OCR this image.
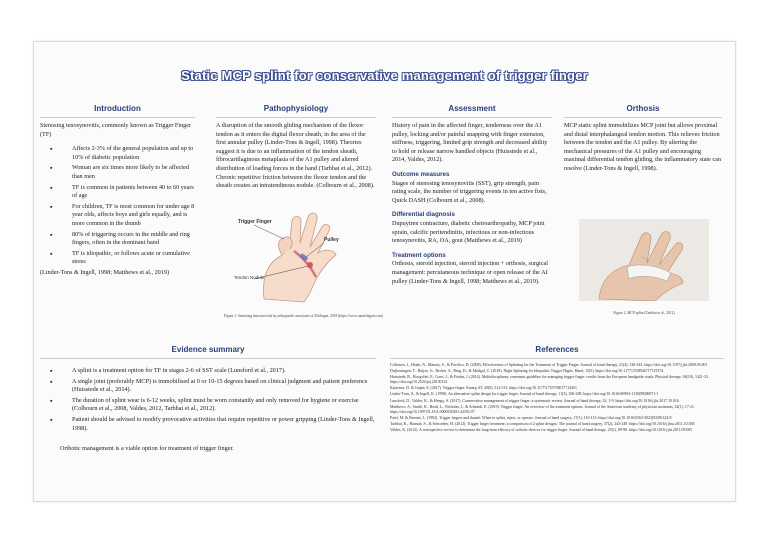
Static MCP splint for conservative management of trigger finger
Introduction

Stenosing tenosynovitis, commonly known as Trigger Finger (TF)

▪ Affects 2-3% of the general population and up to 10% of diabetic population
▪ Woman are six times more likely to be affected than men
▪ TF is common in patients between 40 to 60 years of age
▪ For children, TF is most common for under age 8 year olds, affects boys and girls equally, and is more common in the thumb
▪ 80% of triggering occurs in the middle and ring fingers, often in the dominant hand
▪ TF is idiopathic, or follows acute or cumulative stress

(Linder-Tons & Ingell, 1998; Matthews et al., 2019)

Pathophysiology

A disruption of the smooth gliding mechanism of the flexor tendon as it enters the digital flexor sheath, in the area of the first annular pulley (Linder-Tons & Ingell, 1998). Theories suggest it is due to an inflammation of the tendon sheath, fibrocartilaginous metaplasia of the A1 pulley and altered distribution of loading forces in the hand (Tarbhai et al., 2012). Chronic repetitive friction between the flexor tendon and the sheath creates an intratendinous nodule. (Colbourn et al., 2008).

Trigger Finger
Pulley
Tendon Nodule
Figure 1. Stenosing tenosynovitis by orthopaedic associates of Michigan, 2018 (https://www.oamichigan.com)
Assessment

History of pain in the affected finger, tenderness over the A1 pulley, locking and/or painful snapping with finger extension, stiffness, triggering, limited grip strength and decreased ability to hold or release narrow handled objects (Huisstede et al., 2014, Valdes, 2012).

Outcome measures

Stages of stenosing tenosynovitis (SST), grip strength, pain rating scale, the number of triggering events in ten active fists, Quick DASH (Colbourn et al., 2008).

Differential diagnosis

Dupuytren contracture, diabetic cheiroarthropathy, MCP joint sprain, calcific peritendinitis, infectious or non-infectious tenosynovitis, RA, OA, gout (Matthews et al., 2019)

Treatment options

Orthosis, steroid injection, steroid injection + orthosis, surgical management: percutaneous technique or open release of the AI pulley (Linder-Tons & Ingell, 1998; Matthews et al., 2019).

Orthosis

MCP static splint immobilizes MCP joint but allows proximal and distal interphalangeal tendon motion. This relieves friction between the tendon and the A1 pulley. By altering the mechanical pressures of the A1 pulley and encouraging maximal differential tendon gliding, the inflammatory state can resolve (Linder-Tons & Ingell, 1998).

Figure 2. MCP splint (Tarbhai et al., 2012)
Evidence summary
▪ A splint is a treatment option for TF in stages 2-6 of SST scale (Lunsford et al., 2017).
▪ A single joint (preferably MCP) is immobilised at 0 or 10-15 degrees based on clinical judgment and patient preference (Huisstede et al., 2014).
▪ The duration of splint wear is 6-12 weeks, splint must be worn constantly and only removed for hygiene or exercise (Colbourn et al., 2008, Valdes, 2012, Tarbhai et al., 2012).
▪ Patient should be advised to modify provocative activities that require repetitive or power gripping (Linder-Tons & Ingell, 1998).

Orthotic management is a viable option for treatment of trigger finger.

References

Colbourn, J., Heath, N., Manary, S., & Pacifico, D. (2008). Effectiveness of Splinting for the Treatment of Trigger Finger. Journal of hand therapy, 21(4), 336-343. https://doi.org/10.1197/j.jht.2008.05.001

Drijkoningen, T., Buijze, G., Becker, S., Ring, D., & Mudgal, C. (2018). Night Splinting for Idiopathic Trigger Digits. Hand, 13(5). https://doi.org/10.1177/1558944717725374

Huisstede, B., Hoogvliet, P., Coert, J., & Friden, J. (2014). Multidisciplinary consensus guideline for managing trigger finger: results from the European handguide study. Physical therapy, 94(10), 1421-33. https://doi.org/10.2522/ptj.20130135

Katsenos, D. & Gupta, S. (2017). Trigger finger. Emerg.AT, 20(9), 512-515. https://doi.org/10.1177/1755738017714301

Linder-Tons, S., & Ingell, K. (1998). An alternative splint design for trigger finger. Journal of hand therapy, 11(3), 206-208. https://doi.org/10.1016/S0894-1130(98)80071-1

Lunsford, D., Valdes, K., & Hengy, S. (2017). Conservative management of trigger finger: a systematic review. Journal of hand therapy, 32, 1-9. https://doi.org/10.1016/j.jht.2017.10.016

Matthews, A., Smith, K., Read, L., Nicholas, J., & Schmidt, E. (2019). Trigger finger: An overview of the treatment options. Journal of the American academy of physician assistants, 32(1), 17-21. https://doi.org/10.1097/01.JAA.0000550281.42592.97

Patel, M. & Bassini, L. (1992). Trigger fingers and thumb: When to splint, inject, or operate. Journal of hand surgery, 17(1), 110-113. https://doi.org/10.1016/0363-5023(92)90124-8

Tarbhai, K., Hannah, S., & Schroeder, H. (2012). Trigger finger treatment: a comparison of 2 splint designs. The journal of hand surgery, 37(2), 243-249. https://doi.org/10.1016/j.jhsa.2011.10.038

Valdes, K. (2012). A retrospective review to determine the long-term efficacy of orthotic devices for trigger finger. Journal of hand therapy, 25(1), 89-96. https://doi.org/10.1016/j.jht.2011.09.005
